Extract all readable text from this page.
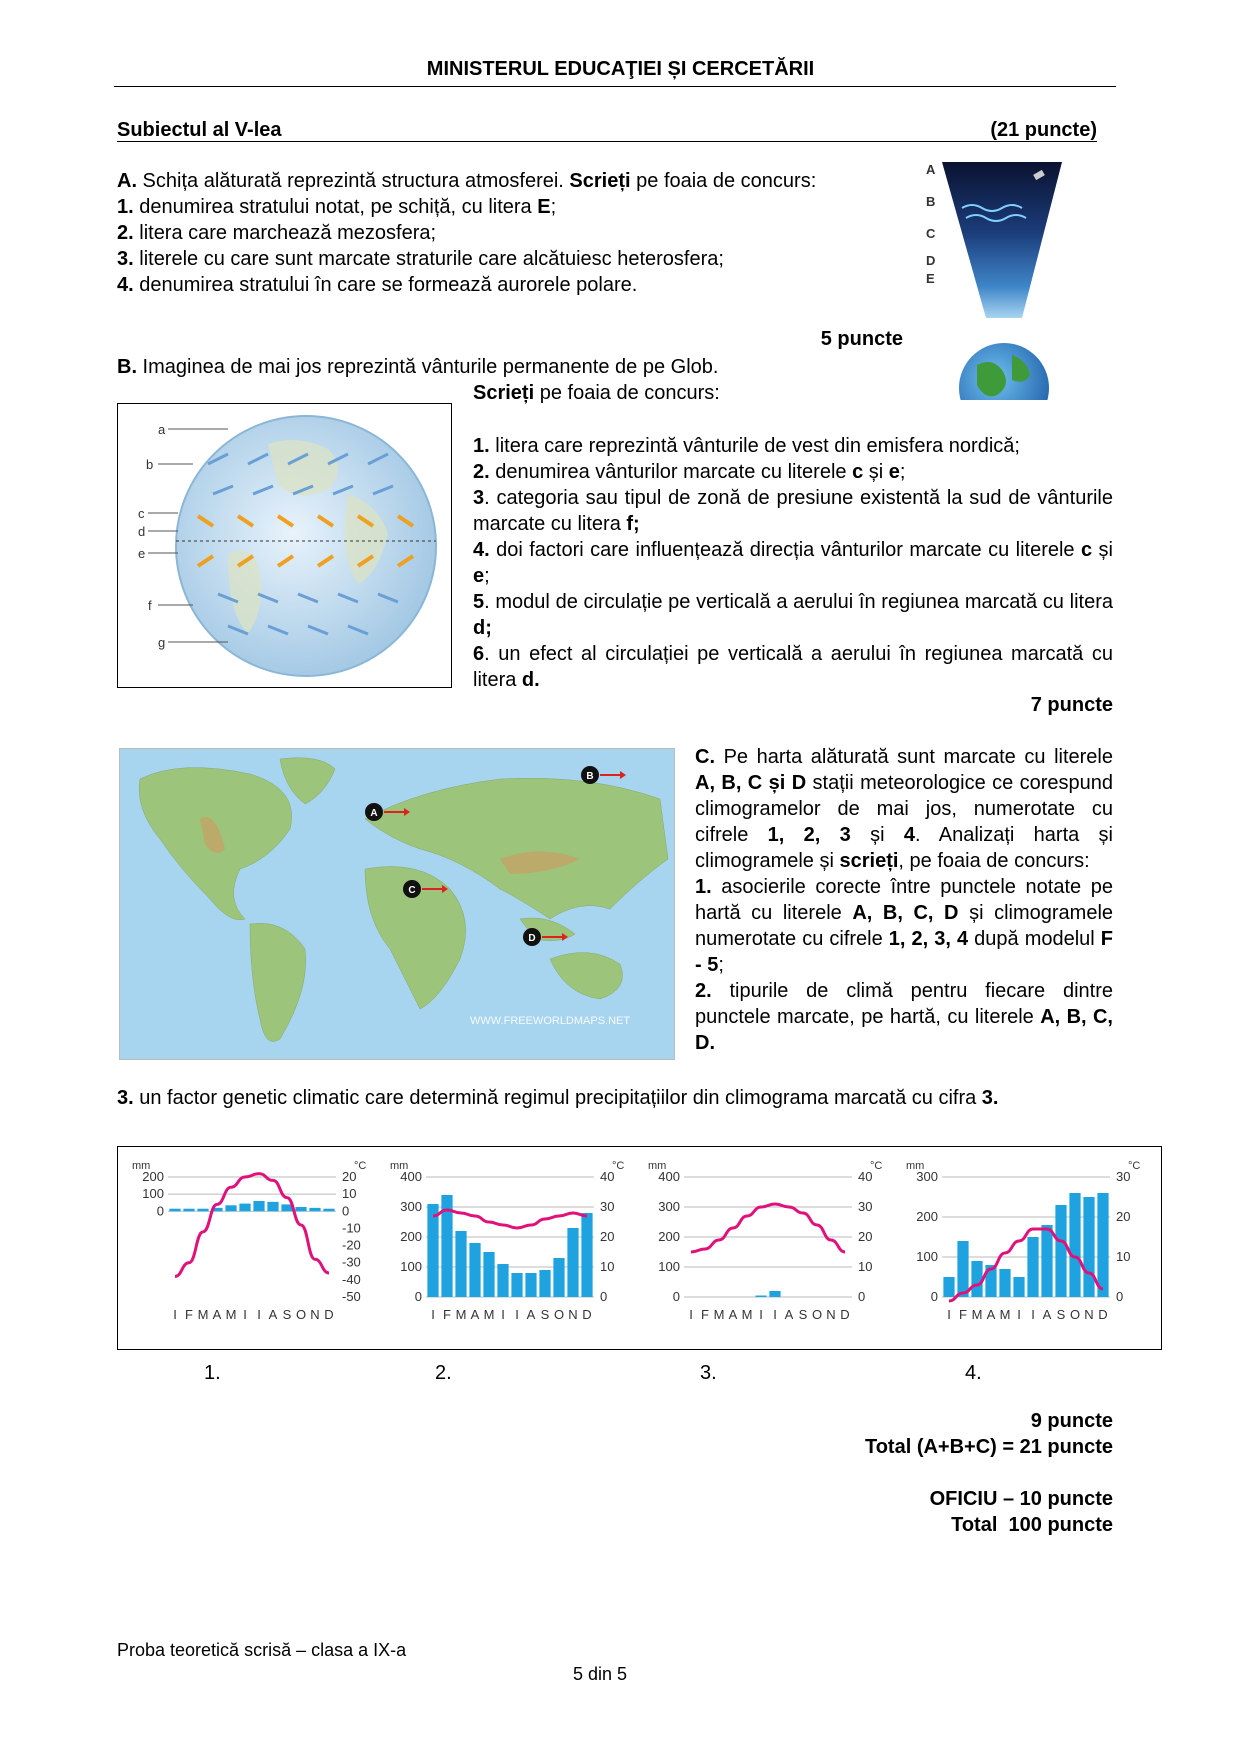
MINISTERUL EDUCAŢIEI ȘI CERCETĂRII
Subiectul al V-lea	(21 puncte)

A. Schița alăturată reprezintă structura atmosferei. Scrieți pe foaia de concurs:

1. denumirea stratului notat, pe schiță, cu litera E;

2. litera care marchează mezosfera;

3. literele cu care sunt marcate straturile care alcătuiesc heterosfera;

4. denumirea stratului în care se formează aurorele polare.

5 puncte
A
B
C
D
E

B. Imaginea de mai jos reprezintă vânturile permanente de pe Glob.

Scrieți pe foaia de concurs:

a
b
c
d
e
f
g

1. litera care reprezintă vânturile de vest din emisfera nordică;

2. denumirea vânturilor marcate cu literele c și e;

3. categoria sau tipul de zonă de presiune existentă la sud de vânturile marcate cu litera f;

4. doi factori care influențează direcția vânturilor marcate cu literele c și e;

5. modul de circulație pe verticală a aerului în regiunea marcată cu litera d;

6. un efect al circulației pe verticală a aerului în regiunea marcată cu litera d.

7 puncte
A
B
C
D
WWW.FREEWORLDMAPS.NET

C. Pe harta alăturată sunt marcate cu literele A, B, C și D stații meteorologice ce corespund climogramelor de mai jos, numerotate cu cifrele 1, 2, 3 și 4. Analizați harta și climogramele și scrieți, pe foaia de concurs:

1. asocierile corecte între punctele notate pe hartă cu literele A, B, C, D și climogramele numerotate cu cifrele 1, 2, 3, 4 după modelul F - 5;

2. tipurile de climă pentru fiecare dintre punctele marcate, pe hartă, cu literele A, B, C, D.

3. un factor genetic climatic care determină regimul precipitațiilor din climograma marcată cu cifra 3.

mm	°C
0
100
200	20
10
0
-10
-20
-30
-40
-50
I F M A M I I A S O N D
mm	°C
0
100
200
300
400	40
30
20
10
0
I F M A M I I A S O N D
mm	°C
0
100
200
300
400	40
30
20
10
0
I F M A M I I A S O N D
mm	°C
0
100
200
300	30
20
10
0
I F M A M I I A S O N D
1.	2.	3.	4.
9 puncte
Total (A+B+C) = 21 puncte
OFICIU – 10 puncte
Total  100 puncte
Proba teoretică scrisă – clasa a IX-a
5 din 5
